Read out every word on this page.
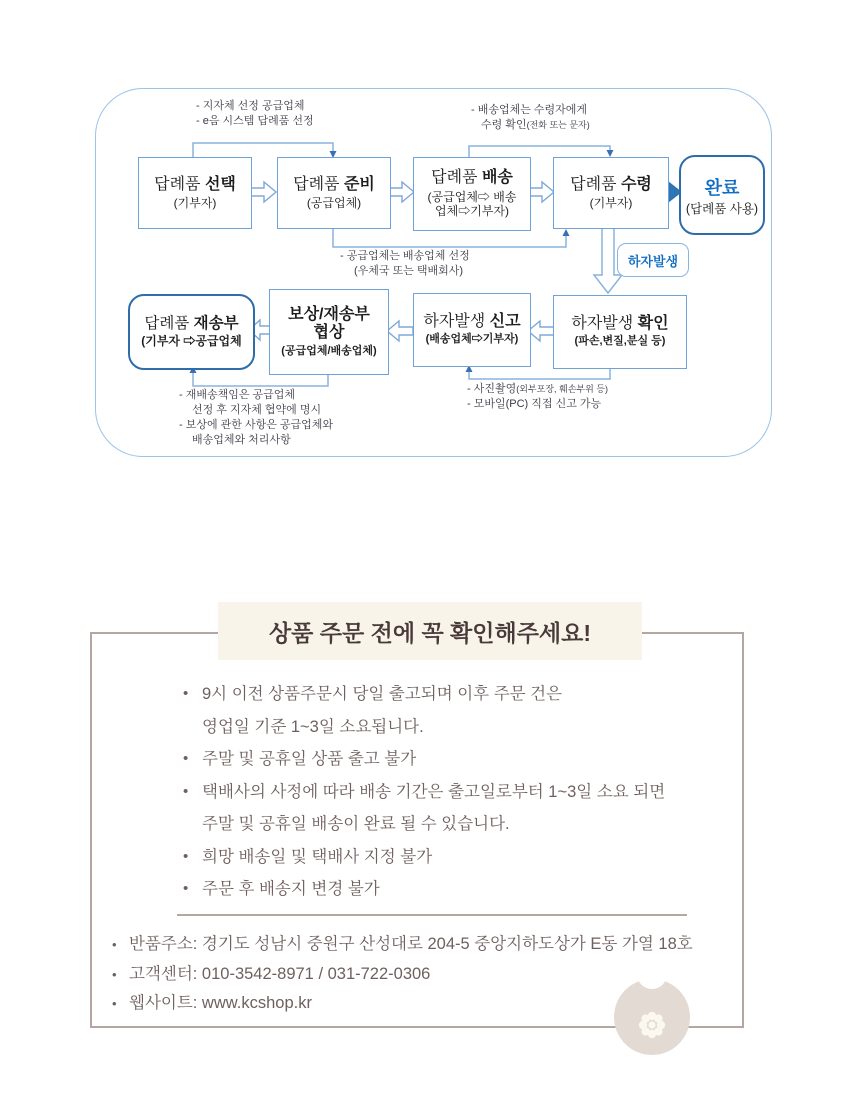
답례품 선택
(기부자)
답례품 준비
(공급업체)
답례품 배송
(공급업체⇨ 배송
업체⇨기부자)
답례품 수령
(기부자)
완료
(답례품 사용)
하자발생
답례품 재송부
(기부자 ⇨공급업체
보상/재송부
협상
(공급업체/배송업체)
하자발생 신고
(배송업체⇨기부자)
하자발생 확인
(파손,변질,분실 등)
- 지자체 선정 공급업체
- e음 시스템 답례품 선정
- 배송업체는 수령자에게
수령 확인(전화 또는 문자)
- 공급업체는 배송업체 선정
(우체국 또는 택배회사)
- 사진촬영(외부포장, 훼손부위 등)
- 모바일(PC) 직접 신고 가능
- 재배송책임은 공급업체
선정 후 지자체 협약에 명시
- 보상에 관한 사항은 공급업체와
배송업체와 처리사항
상품 주문 전에 꼭 확인해주세요!
• 9시 이전 상품주문시 당일 출고되며 이후 주문 건은
영업일 기준 1~3일 소요됩니다.
• 주말 및 공휴일 상품 출고 불가
• 택배사의 사정에 따라 배송 기간은 출고일로부터 1~3일 소요 되면
주말 및 공휴일 배송이 완료 될 수 있습니다.
• 희망 배송일 및 택배사 지정 불가
• 주문 후 배송지 변경 불가
• 반품주소: 경기도 성남시 중원구 산성대로 204-5 중앙지하도상가 E동 가열 18호
• 고객센터: 010-3542-8971 / 031-722-0306
• 웹사이트: www.kcshop.kr
